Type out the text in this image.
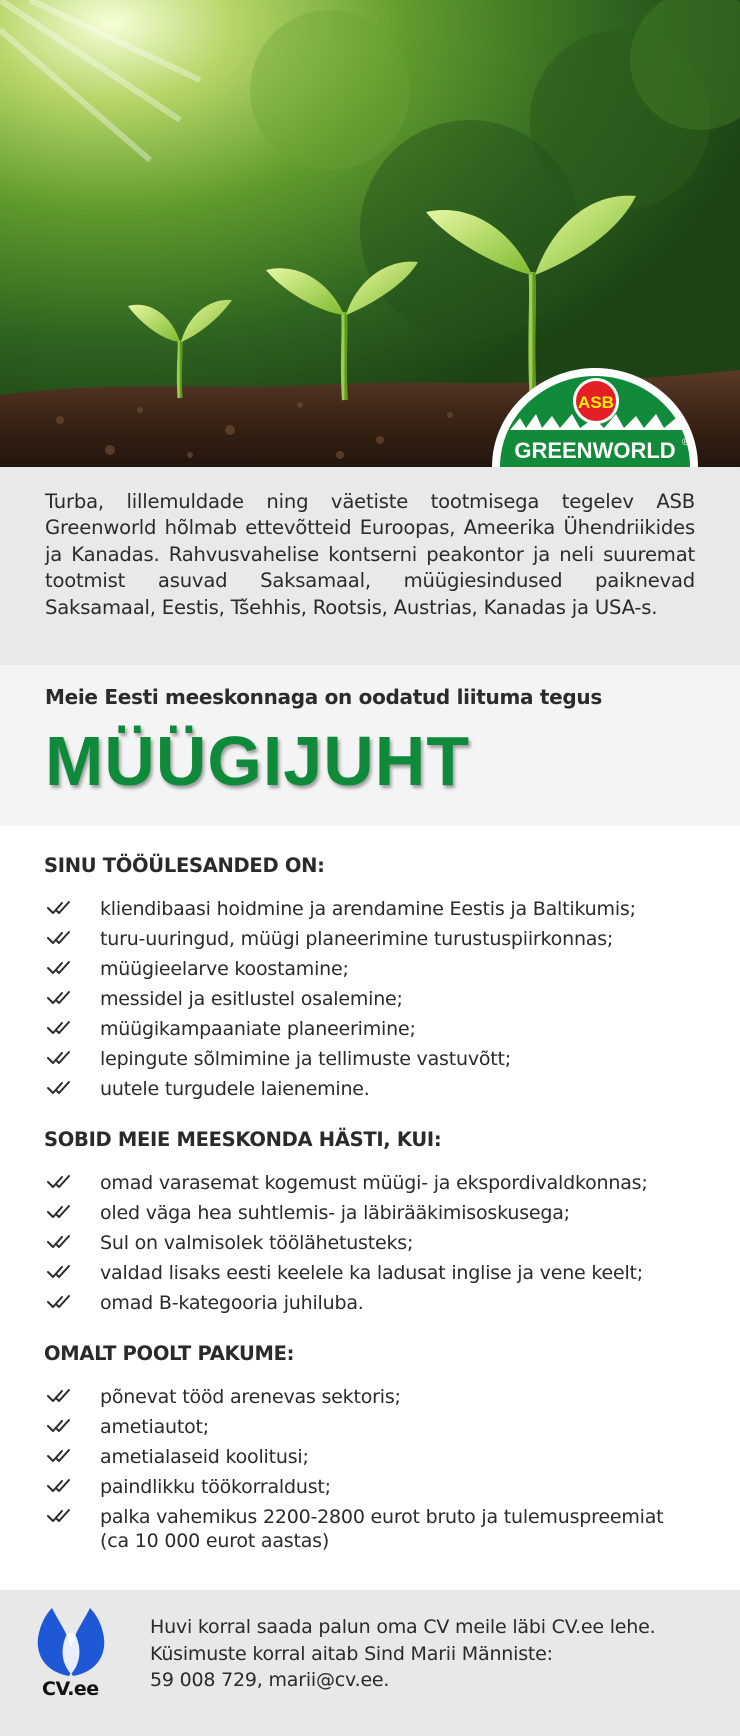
ASB
GREENWORLD ®

Turba, lillemuldade ning väetiste tootmisega tegelev ASB Greenworld hõlmab ettevõtteid Euroopas, Ameerika Ühendriikides ja Kanadas. Rahvusvahelise kontserni peakontor ja neli suuremat tootmist asuvad Saksamaal, müügiesindused paiknevad Saksamaal, Eestis, Tšehhis, Rootsis, Austrias, Kanadas ja USA-s.

Meie Eesti meeskonnaga on oodatud liituma tegus

MÜÜGIJUHT
SINU TÖÖÜLESANDED ON:
kliendibaasi hoidmine ja arendamine Eestis ja Baltikumis;
turu-uuringud, müügi planeerimine turustuspiirkonnas;
müügieelarve koostamine;
messidel ja esitlustel osalemine;
müügikampaaniate planeerimine;
lepingute sõlmimine ja tellimuste vastuvõtt;
uutele turgudele laienemine.
SOBID MEIE MEESKONDA HÄSTI, KUI:
omad varasemat kogemust müügi- ja ekspordivaldkonnas;
oled väga hea suhtlemis- ja läbirääkimisoskusega;
Sul on valmisolek töölähetusteks;
valdad lisaks eesti keelele ka ladusat inglise ja vene keelt;
omad B-kategooria juhiluba.
OMALT POOLT PAKUME:
põnevat tööd arenevas sektoris;
ametiautot;
ametialaseid koolitusi;
paindlikku töökorraldust;
palka vahemikus 2200-2800 eurot bruto ja tulemuspreemiat (ca 10 000 eurot aastas)
CV.ee
Huvi korral saada palun oma CV meile läbi CV.ee lehe.
Küsimuste korral aitab Sind Marii Männiste:
59 008 729, marii@cv.ee.
